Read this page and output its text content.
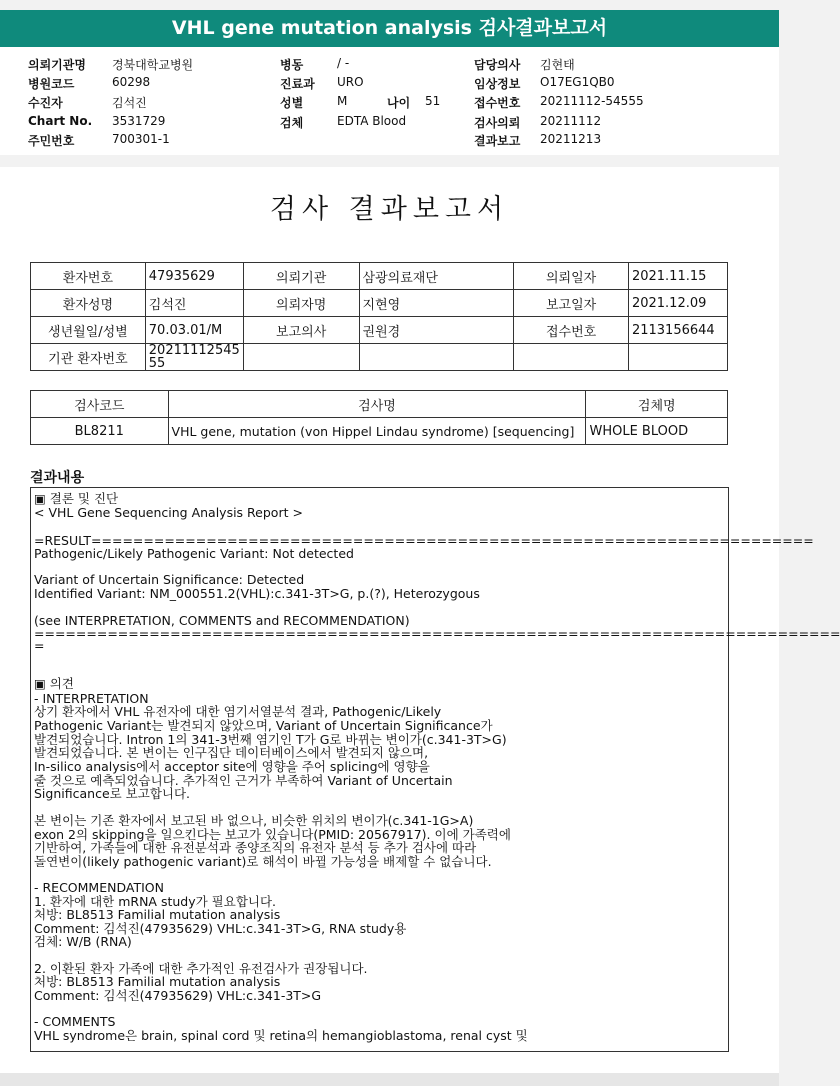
VHL gene mutation analysis 검사결과보고서
의뢰기관명 경북대학교병원
병원코드	60298
수진자	김석진
Chart No. 3531729
주민번호	700301-1
병동	/ -
진료과 URO
성별	M	나이 51
검체	EDTA Blood
담당의사 김현태
임상정보 O17EG1QB0
접수번호 20211112-54555
검사의뢰 20211112
결과보고 20211213
검사 결과보고서
환자번호	47935629	의뢰기관	삼광의료재단	의뢰일자	2021.11.15
환자성명	김석진	의뢰자명	지현영	보고일자	2021.12.09
생년월일/성별	70.03.01/M	보고의사	권원경	접수번호	2113156644
기관 환자번호	20211112545
55				
검사코드	검사명	검체명
BL8211	VHL gene, mutation (von Hippel Lindau syndrome) [sequencing]	WHOLE BLOOD
결과내용
▣ 결론 및 진단
< VHL Gene Sequencing Analysis Report >
=RESULT=====================================================================
Pathogenic/Likely Pathogenic Variant: Not detected
Variant of Uncertain Significance: Detected
Identified Variant: NM_000551.2(VHL):c.341-3T>G, p.(?), Heterozygous
(see INTERPRETATION, COMMENTS and RECOMMENDATION)
=============================================================================
=
▣ 의견
- INTERPRETATION
상기 환자에서 VHL 유전자에 대한 염기서열분석 결과, Pathogenic/Likely
Pathogenic Variant는 발견되지 않았으며, Variant of Uncertain Significance가
발견되었습니다. Intron 1의 341-3번째 염기인 T가 G로 바뀌는 변이가(c.341-3T>G)
발견되었습니다. 본 변이는 인구집단 데이터베이스에서 발견되지 않으며,
In-silico analysis에서 acceptor site에 영향을 주어 splicing에 영향을
줄 것으로 예측되었습니다. 추가적인 근거가 부족하여 Variant of Uncertain
Significance로 보고합니다.
본 변이는 기존 환자에서 보고된 바 없으나, 비슷한 위치의 변이가(c.341-1G>A)
exon 2의 skipping을 일으킨다는 보고가 있습니다(PMID: 20567917). 이에 가족력에
기반하여, 가족들에 대한 유전분석과 종양조직의 유전자 분석 등 추가 검사에 따라
돌연변이(likely pathogenic variant)로 해석이 바뀔 가능성을 배제할 수 없습니다.
- RECOMMENDATION
1. 환자에 대한 mRNA study가 필요합니다.
처방: BL8513 Familial mutation analysis
Comment: 김석진(47935629) VHL:c.341-3T>G, RNA study용
검체: W/B (RNA)
2. 이환된 환자 가족에 대한 추가적인 유전검사가 권장됩니다.
처방: BL8513 Familial mutation analysis
Comment: 김석진(47935629) VHL:c.341-3T>G
- COMMENTS
VHL syndrome은 brain, spinal cord 및 retina의 hemangioblastoma, renal cyst 및
